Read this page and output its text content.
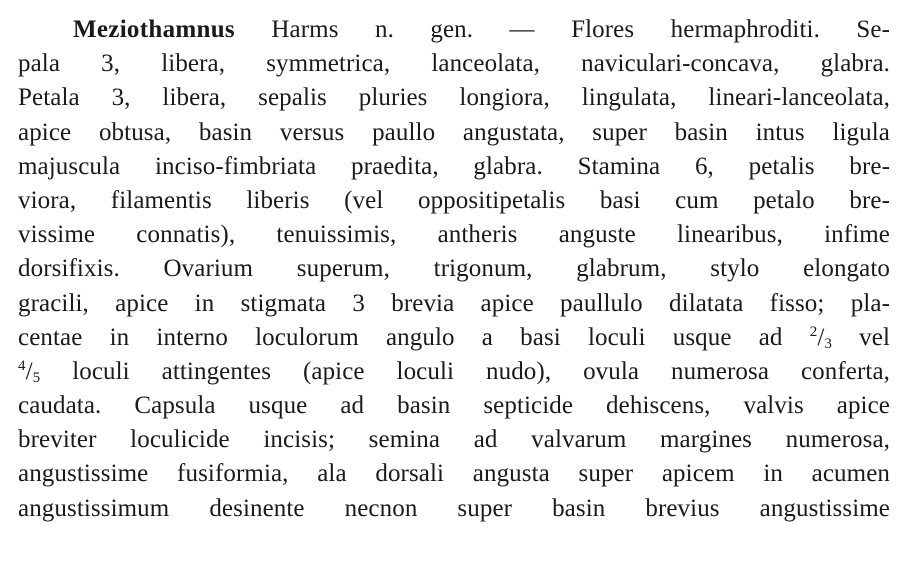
Meziothamnus Harms n. gen. — Flores hermaphroditi. Se-
pala 3, libera, symmetrica, lanceolata, naviculari-concava, glabra.
Petala 3, libera, sepalis pluries longiora, lingulata, lineari-lanceolata,
apice obtusa, basin versus paullo angustata, super basin intus ligula
majuscula inciso-fimbriata praedita, glabra. Stamina 6, petalis bre-
viora, filamentis liberis (vel oppositipetalis basi cum petalo bre-
vissime connatis), tenuissimis, antheris anguste linearibus, infime
dorsifixis. Ovarium superum, trigonum, glabrum, stylo elongato
gracili, apice in stigmata 3 brevia apice paullulo dilatata fisso; pla-
centae in interno loculorum angulo a basi loculi usque ad $^2/_3$ vel
$^4/_5$ loculi attingentes (apice loculi nudo), ovula numerosa conferta,
caudata. Capsula usque ad basin septicide dehiscens, valvis apice
breviter loculicide incisis; semina ad valvarum margines numerosa,
angustissime fusiformia, ala dorsali angusta super apicem in acumen
angustissimum desinente necnon super basin brevius angustissime
